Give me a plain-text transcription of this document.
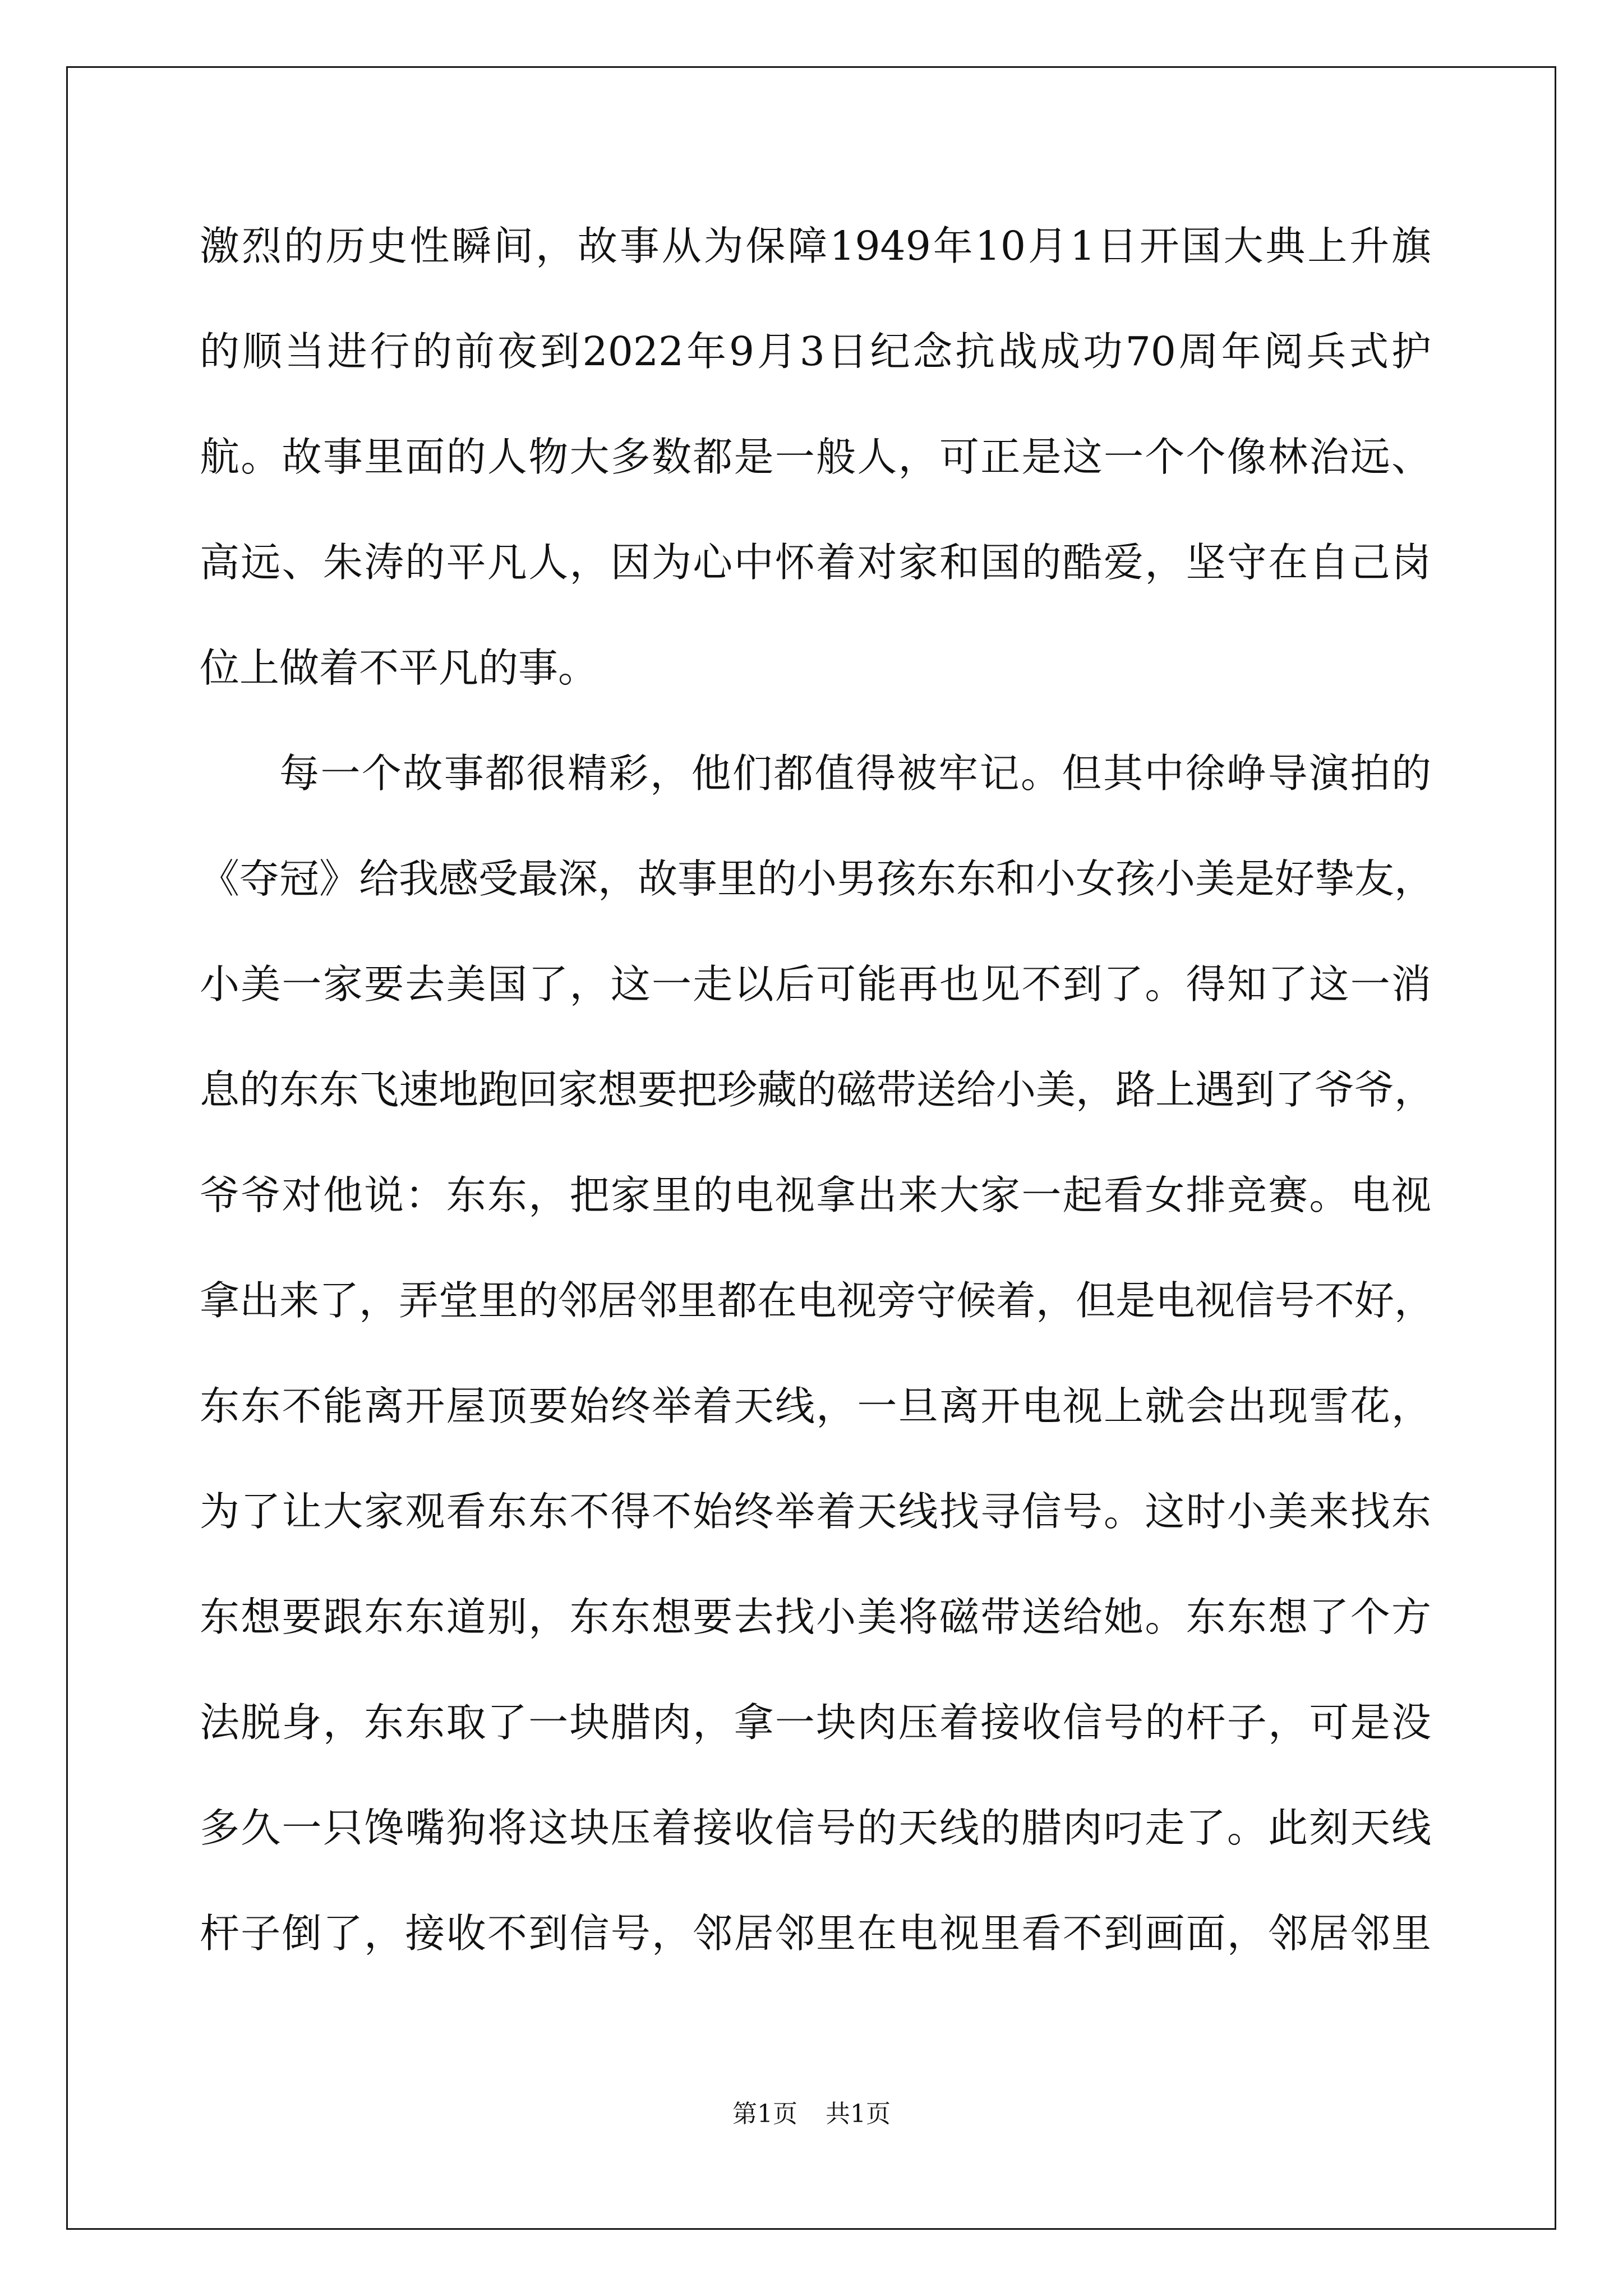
激烈的历史性瞬间，故事从为保障1949年10月1日开国大典上升旗
的顺当进行的前夜到2022年9月3日纪念抗战成功70周年阅兵式护
航。故事里面的人物大多数都是一般人，可正是这一个个像林治远、
高远、朱涛的平凡人，因为心中怀着对家和国的酷爱，坚守在自己岗
位上做着不平凡的事。
每一个故事都很精彩，他们都值得被牢记。但其中徐峥导演拍的
《夺冠》给我感受最深，故事里的小男孩东东和小女孩小美是好挚友，
小美一家要去美国了，这一走以后可能再也见不到了。得知了这一消
息的东东飞速地跑回家想要把珍藏的磁带送给小美，路上遇到了爷爷，
爷爷对他说：东东，把家里的电视拿出来大家一起看女排竞赛。电视
拿出来了，弄堂里的邻居邻里都在电视旁守候着，但是电视信号不好，
东东不能离开屋顶要始终举着天线，一旦离开电视上就会出现雪花，
为了让大家观看东东不得不始终举着天线找寻信号。这时小美来找东
东想要跟东东道别，东东想要去找小美将磁带送给她。东东想了个方
法脱身，东东取了一块腊肉，拿一块肉压着接收信号的杆子，可是没
多久一只馋嘴狗将这块压着接收信号的天线的腊肉叼走了。此刻天线
杆子倒了，接收不到信号，邻居邻里在电视里看不到画面，邻居邻里
第1页 共1页
